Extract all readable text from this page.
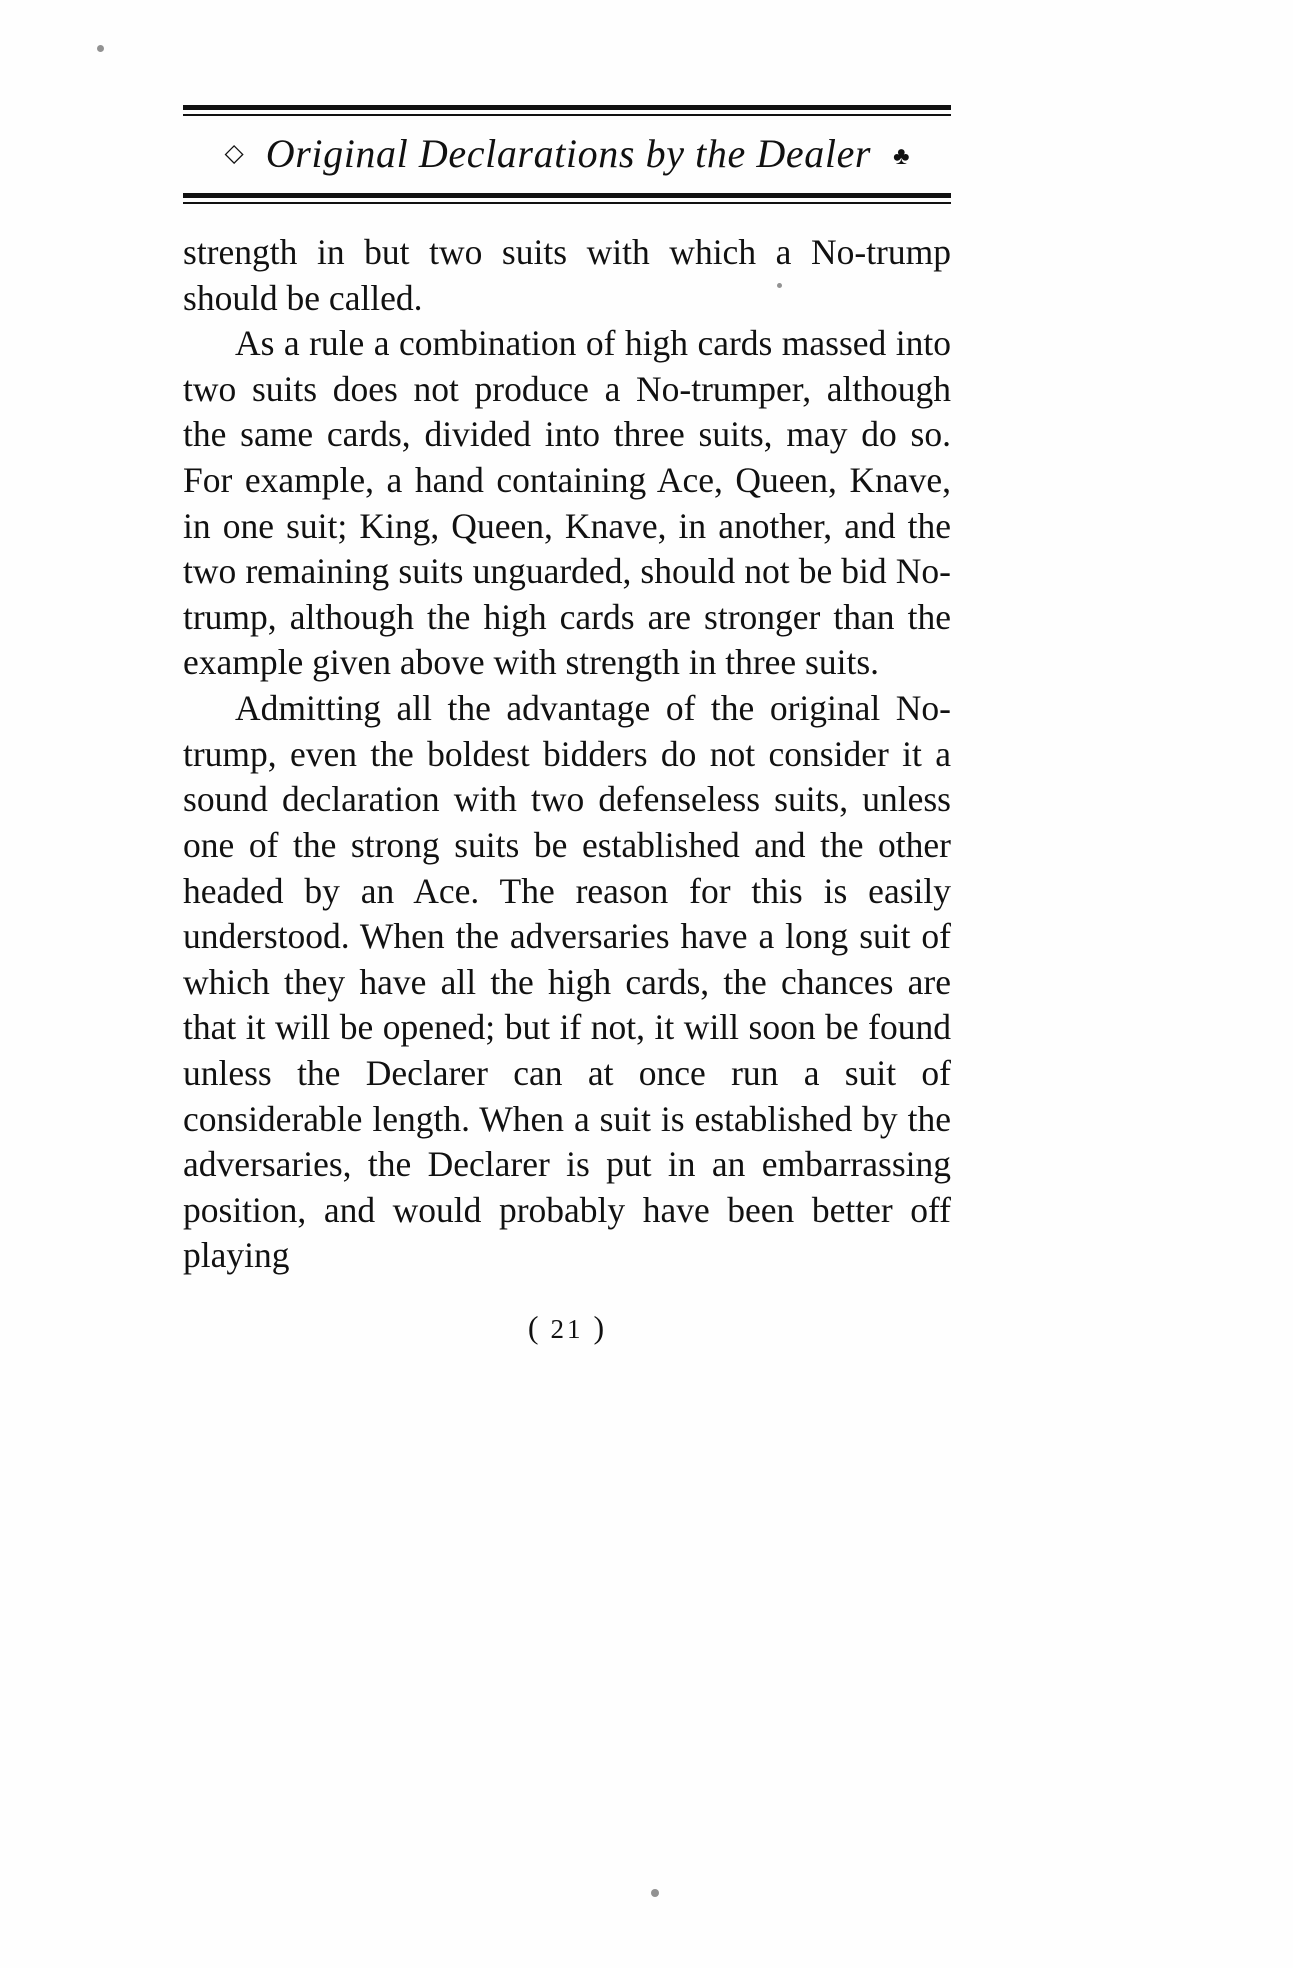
◇ Original Declarations by the Dealer ♣

strength in but two suits with which a No-trump should be called.

As a rule a combination of high cards massed into two suits does not produce a No-trumper, although the same cards, divided into three suits, may do so. For example, a hand containing Ace, Queen, Knave, in one suit; King, Queen, Knave, in another, and the two remaining suits unguarded, should not be bid No-trump, although the high cards are stronger than the example given above with strength in three suits.

Admitting all the advantage of the original No-trump, even the boldest bidders do not consider it a sound declaration with two defenseless suits, unless one of the strong suits be established and the other headed by an Ace. The reason for this is easily understood. When the adversaries have a long suit of which they have all the high cards, the chances are that it will be opened; but if not, it will soon be found unless the Declarer can at once run a suit of considerable length. When a suit is established by the adversaries, the Declarer is put in an embarrassing position, and would probably have been better off playing

( 21 )
